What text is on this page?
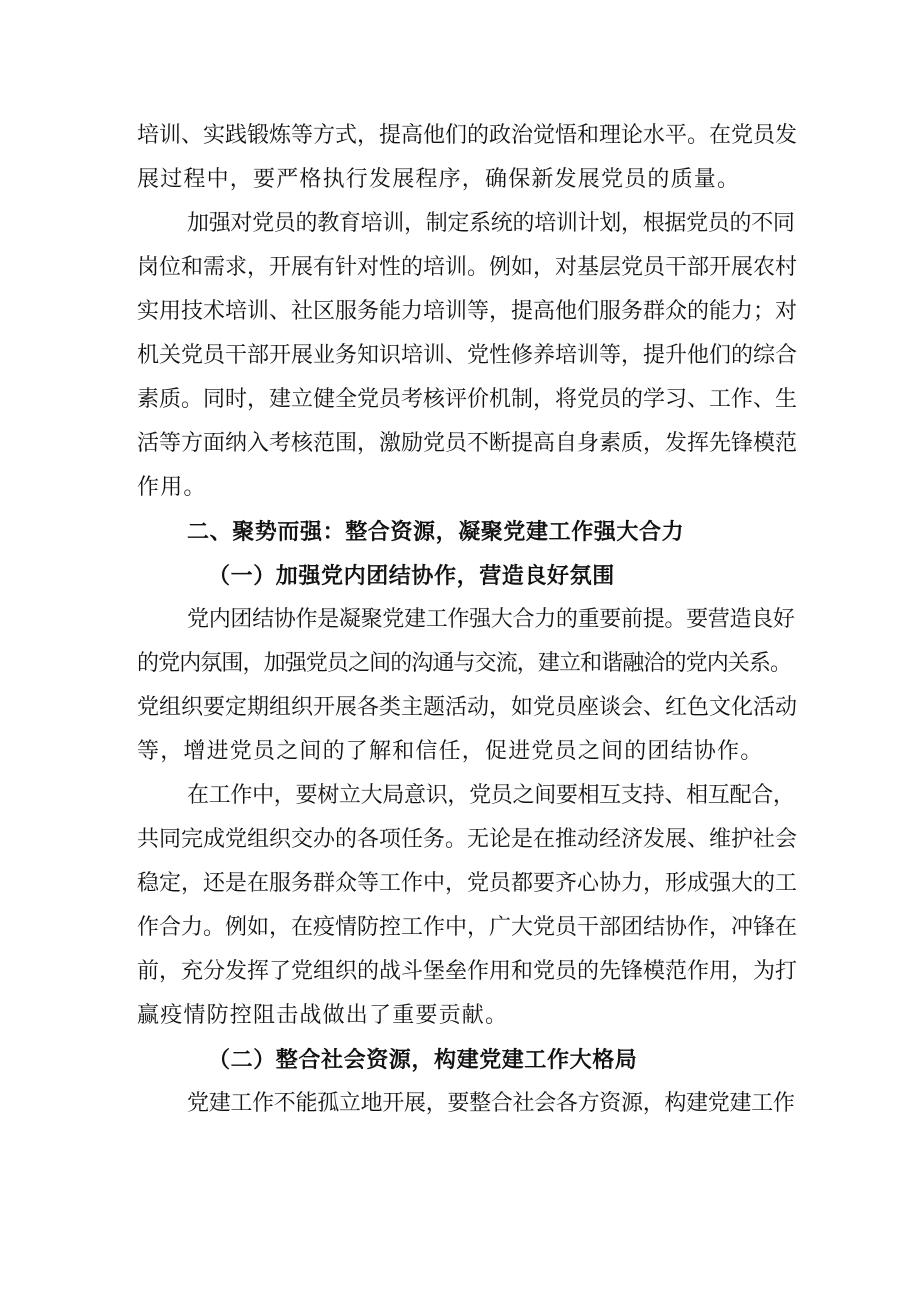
培训、实践锻炼等方式，提高他们的政治觉悟和理论水平。在党员发
展过程中，要严格执行发展程序，确保新发展党员的质量。
加强对党员的教育培训，制定系统的培训计划，根据党员的不同
岗位和需求，开展有针对性的培训。例如，对基层党员干部开展农村
实用技术培训、社区服务能力培训等，提高他们服务群众的能力；对
机关党员干部开展业务知识培训、党性修养培训等，提升他们的综合
素质。同时，建立健全党员考核评价机制，将党员的学习、工作、生
活等方面纳入考核范围，激励党员不断提高自身素质，发挥先锋模范
作用。
二、聚势而强：整合资源，凝聚党建工作强大合力
（一）加强党内团结协作，营造良好氛围
党内团结协作是凝聚党建工作强大合力的重要前提。要营造良好
的党内氛围，加强党员之间的沟通与交流，建立和谐融洽的党内关系。
党组织要定期组织开展各类主题活动，如党员座谈会、红色文化活动
等，增进党员之间的了解和信任，促进党员之间的团结协作。
在工作中，要树立大局意识，党员之间要相互支持、相互配合，
共同完成党组织交办的各项任务。无论是在推动经济发展、维护社会
稳定，还是在服务群众等工作中，党员都要齐心协力，形成强大的工
作合力。例如，在疫情防控工作中，广大党员干部团结协作，冲锋在
前，充分发挥了党组织的战斗堡垒作用和党员的先锋模范作用，为打
赢疫情防控阻击战做出了重要贡献。
（二）整合社会资源，构建党建工作大格局
党建工作不能孤立地开展，要整合社会各方资源，构建党建工作
